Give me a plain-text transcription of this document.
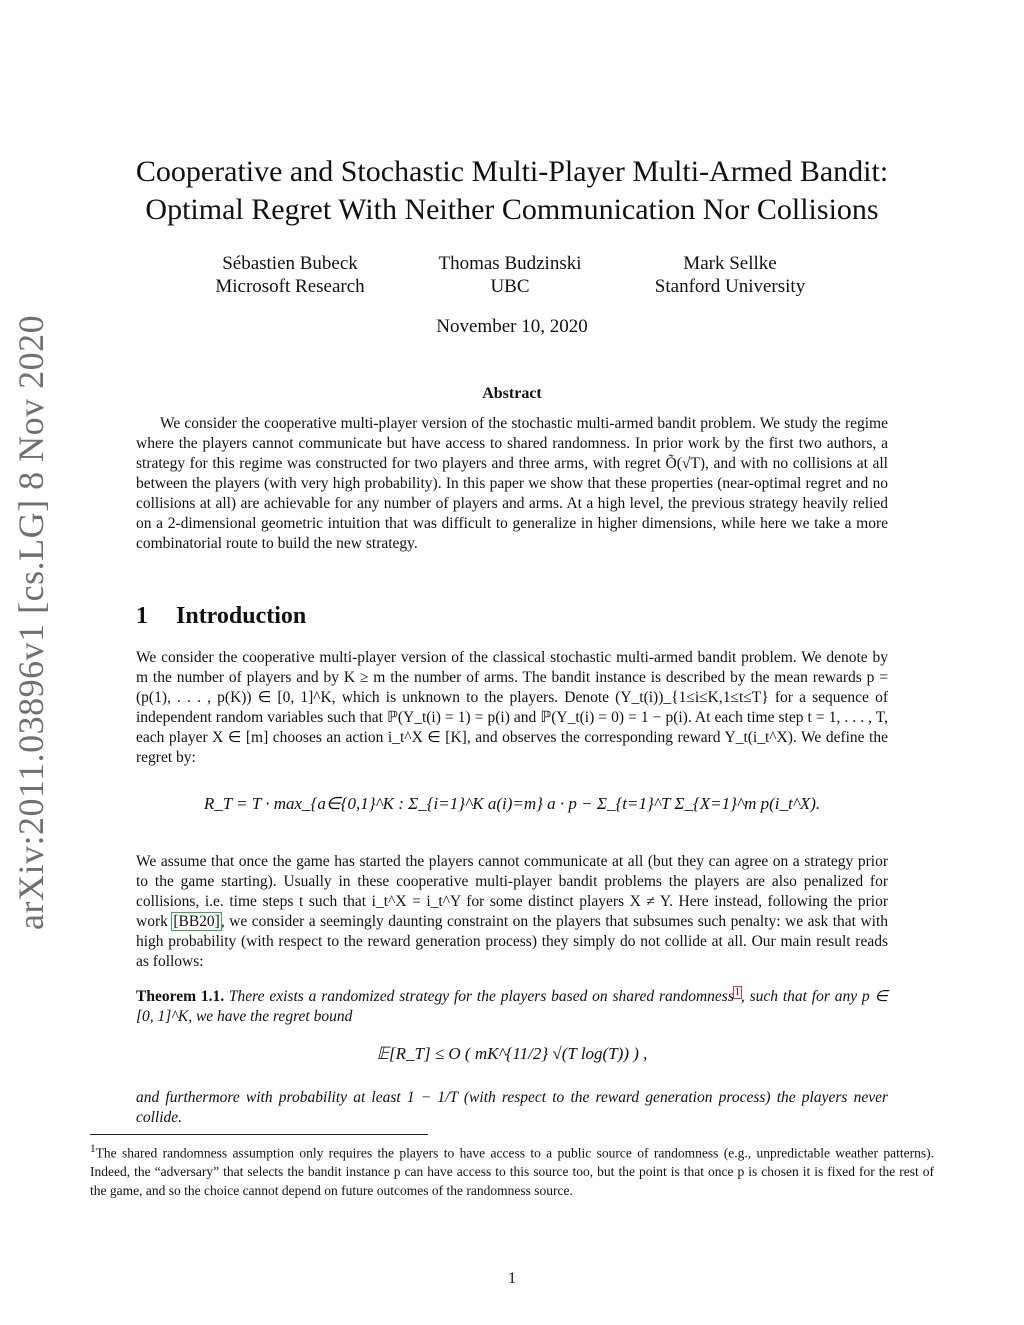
arXiv:2011.03896v1 [cs.LG] 8 Nov 2020
Cooperative and Stochastic Multi-Player Multi-Armed Bandit:
Optimal Regret With Neither Communication Nor Collisions
Sébastien Bubeck
Microsoft Research
Thomas Budzinski
UBC
Mark Sellke
Stanford University
November 10, 2020
Abstract
We consider the cooperative multi-player version of the stochastic multi-armed bandit problem. We study the regime where the players cannot communicate but have access to shared randomness. In prior work by the first two authors, a strategy for this regime was constructed for two players and three arms, with regret Õ(√T), and with no collisions at all between the players (with very high probability). In this paper we show that these properties (near-optimal regret and no collisions at all) are achievable for any number of players and arms. At a high level, the previous strategy heavily relied on a 2-dimensional geometric intuition that was difficult to generalize in higher dimensions, while here we take a more combinatorial route to build the new strategy.
1 Introduction
We consider the cooperative multi-player version of the classical stochastic multi-armed bandit problem. We denote by m the number of players and by K ≥ m the number of arms. The bandit instance is described by the mean rewards p = (p(1), . . . , p(K)) ∈ [0, 1]^K, which is unknown to the players. Denote (Y_t(i))_{1≤i≤K,1≤t≤T} for a sequence of independent random variables such that ℙ(Y_t(i) = 1) = p(i) and ℙ(Y_t(i) = 0) = 1 − p(i). At each time step t = 1, . . . , T, each player X ∈ [m] chooses an action i_t^X ∈ [K], and observes the corresponding reward Y_t(i_t^X). We define the regret by:
R_T = T · max_{a∈{0,1}^K : Σ_{i=1}^K a(i)=m} a · p − Σ_{t=1}^T Σ_{X=1}^m p(i_t^X).
We assume that once the game has started the players cannot communicate at all (but they can agree on a strategy prior to the game starting). Usually in these cooperative multi-player bandit problems the players are also penalized for collisions, i.e. time steps t such that i_t^X = i_t^Y for some distinct players X ≠ Y. Here instead, following the prior work [BB20], we consider a seemingly daunting constraint on the players that subsumes such penalty: we ask that with high probability (with respect to the reward generation process) they simply do not collide at all. Our main result reads as follows:
Theorem 1.1. There exists a randomized strategy for the players based on shared randomness$^1$, such that for any p ∈ [0, 1]^K, we have the regret bound
𝔼[R_T] ≤ O ( mK^{11/2} √(T log(T)) ) ,
and furthermore with probability at least 1 − 1/T (with respect to the reward generation process) the players never collide.
$^1$The shared randomness assumption only requires the players to have access to a public source of randomness (e.g., unpredictable weather patterns). Indeed, the “adversary” that selects the bandit instance p can have access to this source too, but the point is that once p is chosen it is fixed for the rest of the game, and so the choice cannot depend on future outcomes of the randomness source.
1
